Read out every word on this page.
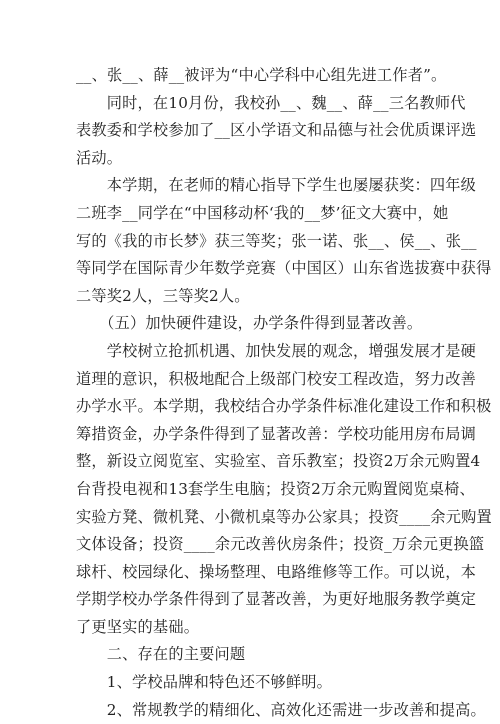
__、张__、薛__被评为“中心学科中心组先进工作者”。
　　同时，在10月份，我校孙__、魏__、薛__三名教师代
表教委和学校参加了__区小学语文和品德与社会优质课评选
活动。
　　本学期，在老师的精心指导下学生也屡屡获奖：四年级
二班李__同学在“中国移动杯‘我的__梦’征文大赛中，她
写的《我的市长梦》获三等奖；张一诺、张__、侯__、张__
等同学在国际青少年数学竞赛（中国区）山东省选拔赛中获得
二等奖2人，三等奖2人。
　　（五）加快硬件建设，办学条件得到显著改善。
　　学校树立抢抓机遇、加快发展的观念，增强发展才是硬
道理的意识，积极地配合上级部门校安工程改造，努力改善
办学水平。本学期，我校结合办学条件标准化建设工作和积极
筹措资金，办学条件得到了显著改善：学校功能用房布局调
整，新设立阅览室、实验室、音乐教室；投资2万余元购置4
台背投电视和13套学生电脑；投资2万余元购置阅览桌椅、
实验方凳、微机凳、小微机桌等办公家具；投资____余元购置
文体设备；投资____余元改善伙房条件；投资_万余元更换篮
球杆、校园绿化、操场整理、电路维修等工作。可以说，本
学期学校办学条件得到了显著改善，为更好地服务教学奠定
了更坚实的基础。
　　二、存在的主要问题
　　1、学校品牌和特色还不够鲜明。
　　2、常规教学的精细化、高效化还需进一步改善和提高。
